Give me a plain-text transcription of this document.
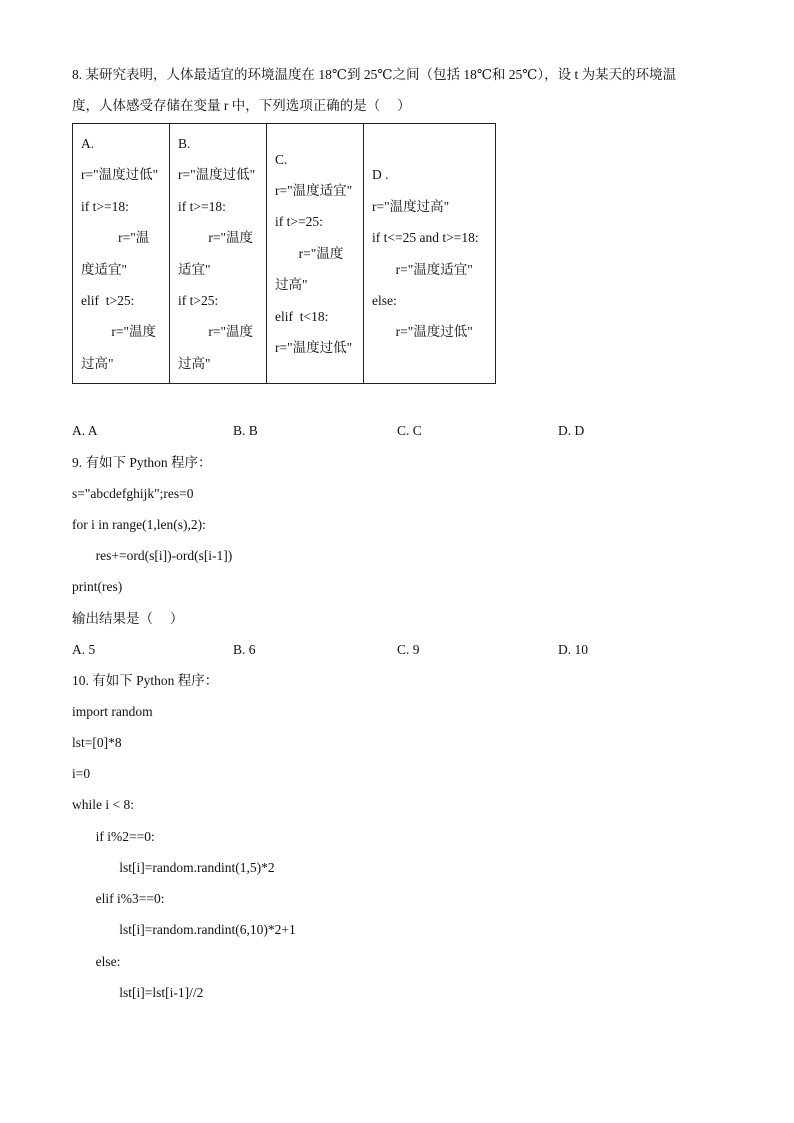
8. 某研究表明，人体最适宜的环境温度在 18℃到 25℃之间（包括 18℃和 25℃），设 t 为某天的环境温
度，人体感受存储在变量 r 中，下列选项正确的是（     ）
A.
r="温度过低"
if t>=18:
r="温
度适宜"
elif  t>25:
r="温度
过高"

B.
r="温度过低"
if t>=18:
r="温度
适宜"
if t>25:
r="温度
过高"

C.
r="温度适宜"
if t>=25:
r="温度
过高"
elif  t<18:
r="温度过低"

D .
r="温度过高"
if t<=25 and t>=18:
r="温度适宜"
else:
r="温度过低"
A. A	B. B	C. C	D. D
9. 有如下 Python 程序：
s="abcdefghijk";res=0
for i in range(1,len(s),2):
res+=ord(s[i])-ord(s[i-1])
print(res)
输出结果是（     ）
A. 5	B. 6	C. 9	D. 10
10. 有如下 Python 程序：
import random
lst=[0]*8
i=0
while i < 8:
if i%2==0:
lst[i]=random.randint(1,5)*2
elif i%3==0:
lst[i]=random.randint(6,10)*2+1
else:
lst[i]=lst[i-1]//2
